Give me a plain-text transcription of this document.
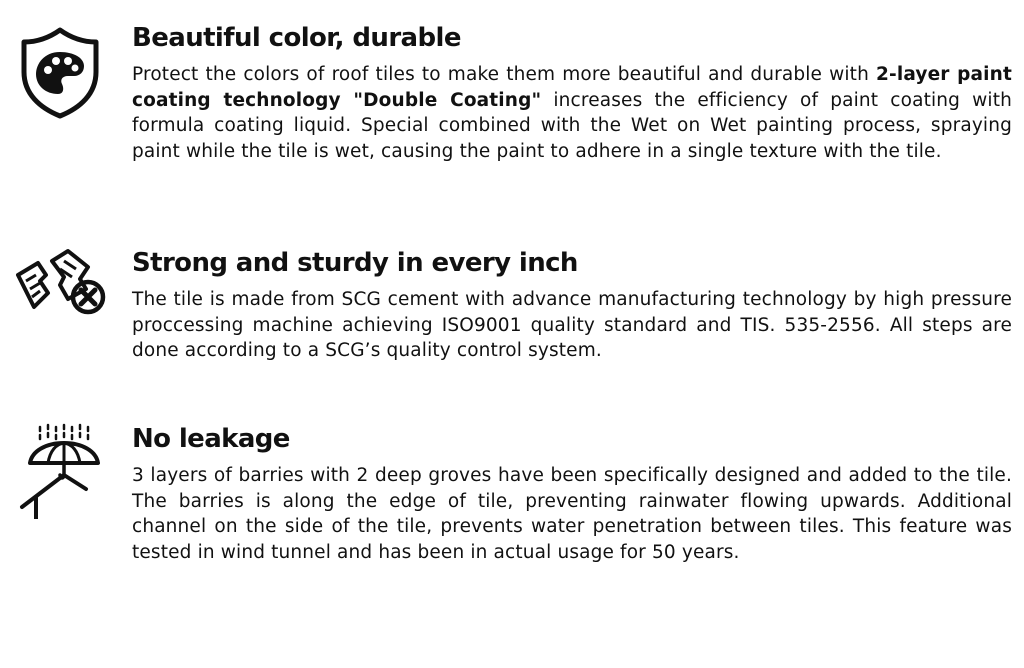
Beautiful color, durable

Protect the colors of roof tiles to make them more beautiful and durable with 2-layer paint coating technology "Double Coating" increases the efficiency of paint coating with formula coating liquid. Special combined with the Wet on Wet painting process, spraying paint while the tile is wet, causing the paint to adhere in a single texture with the tile.

Strong and sturdy in every inch

The tile is made from SCG cement with advance manufacturing technology by high pressure proccessing machine achieving ISO9001 quality standard and TIS. 535-2556. All steps are done according to a SCG’s quality control system.

No leakage

3 layers of barries with 2 deep groves have been specifically designed and added to the tile. The barries is along the edge of tile, preventing rainwater flowing upwards. Additional channel on the side of the tile, prevents water penetration between tiles. This feature was tested in wind tunnel and has been in actual usage for 50 years.
